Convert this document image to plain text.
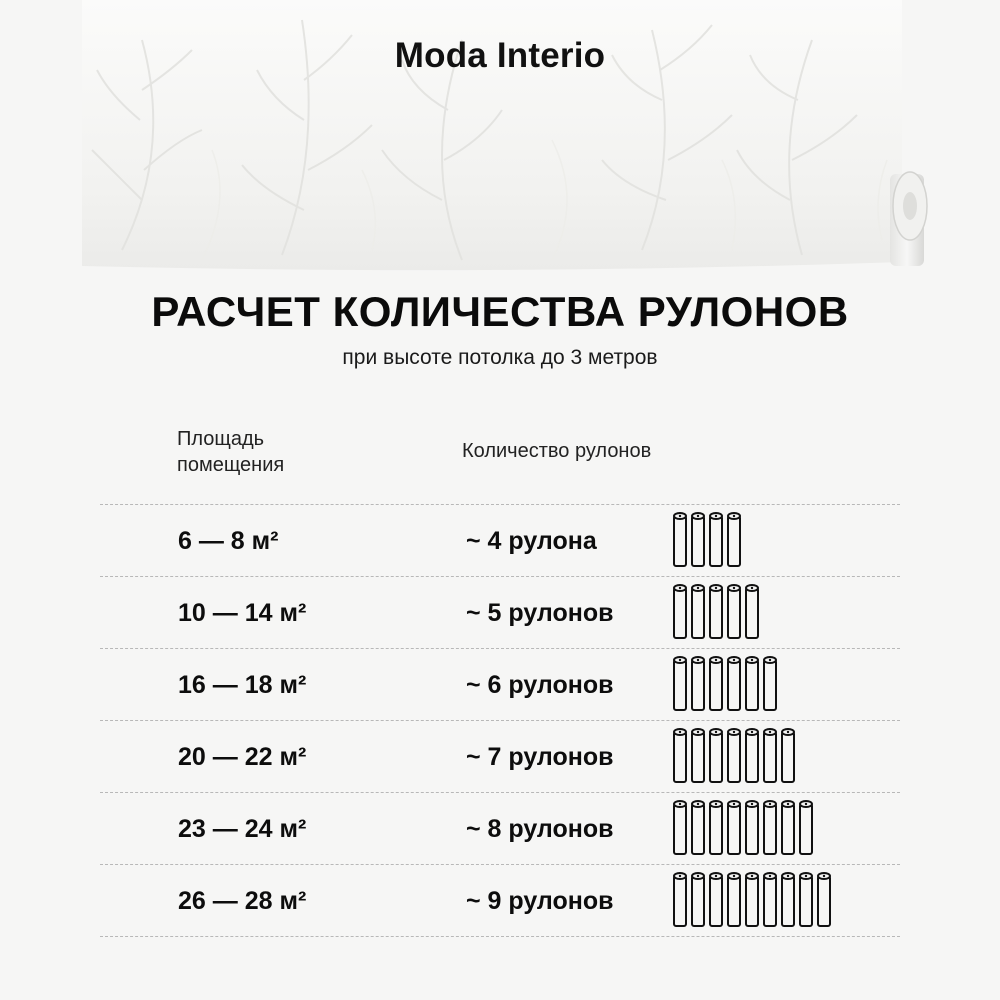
Moda Interio
РАСЧЕТ КОЛИЧЕСТВА РУЛОНОВ
при высоте потолка до 3 метров
Площадь
помещения
Количество рулонов
6 — 8 м²	~ 4 рулона
10 — 14 м²	~ 5 рулонов
16 — 18 м²	~ 6 рулонов
20 — 22 м²	~ 7 рулонов
23 — 24 м²	~ 8 рулонов
26 — 28 м²	~ 9 рулонов
